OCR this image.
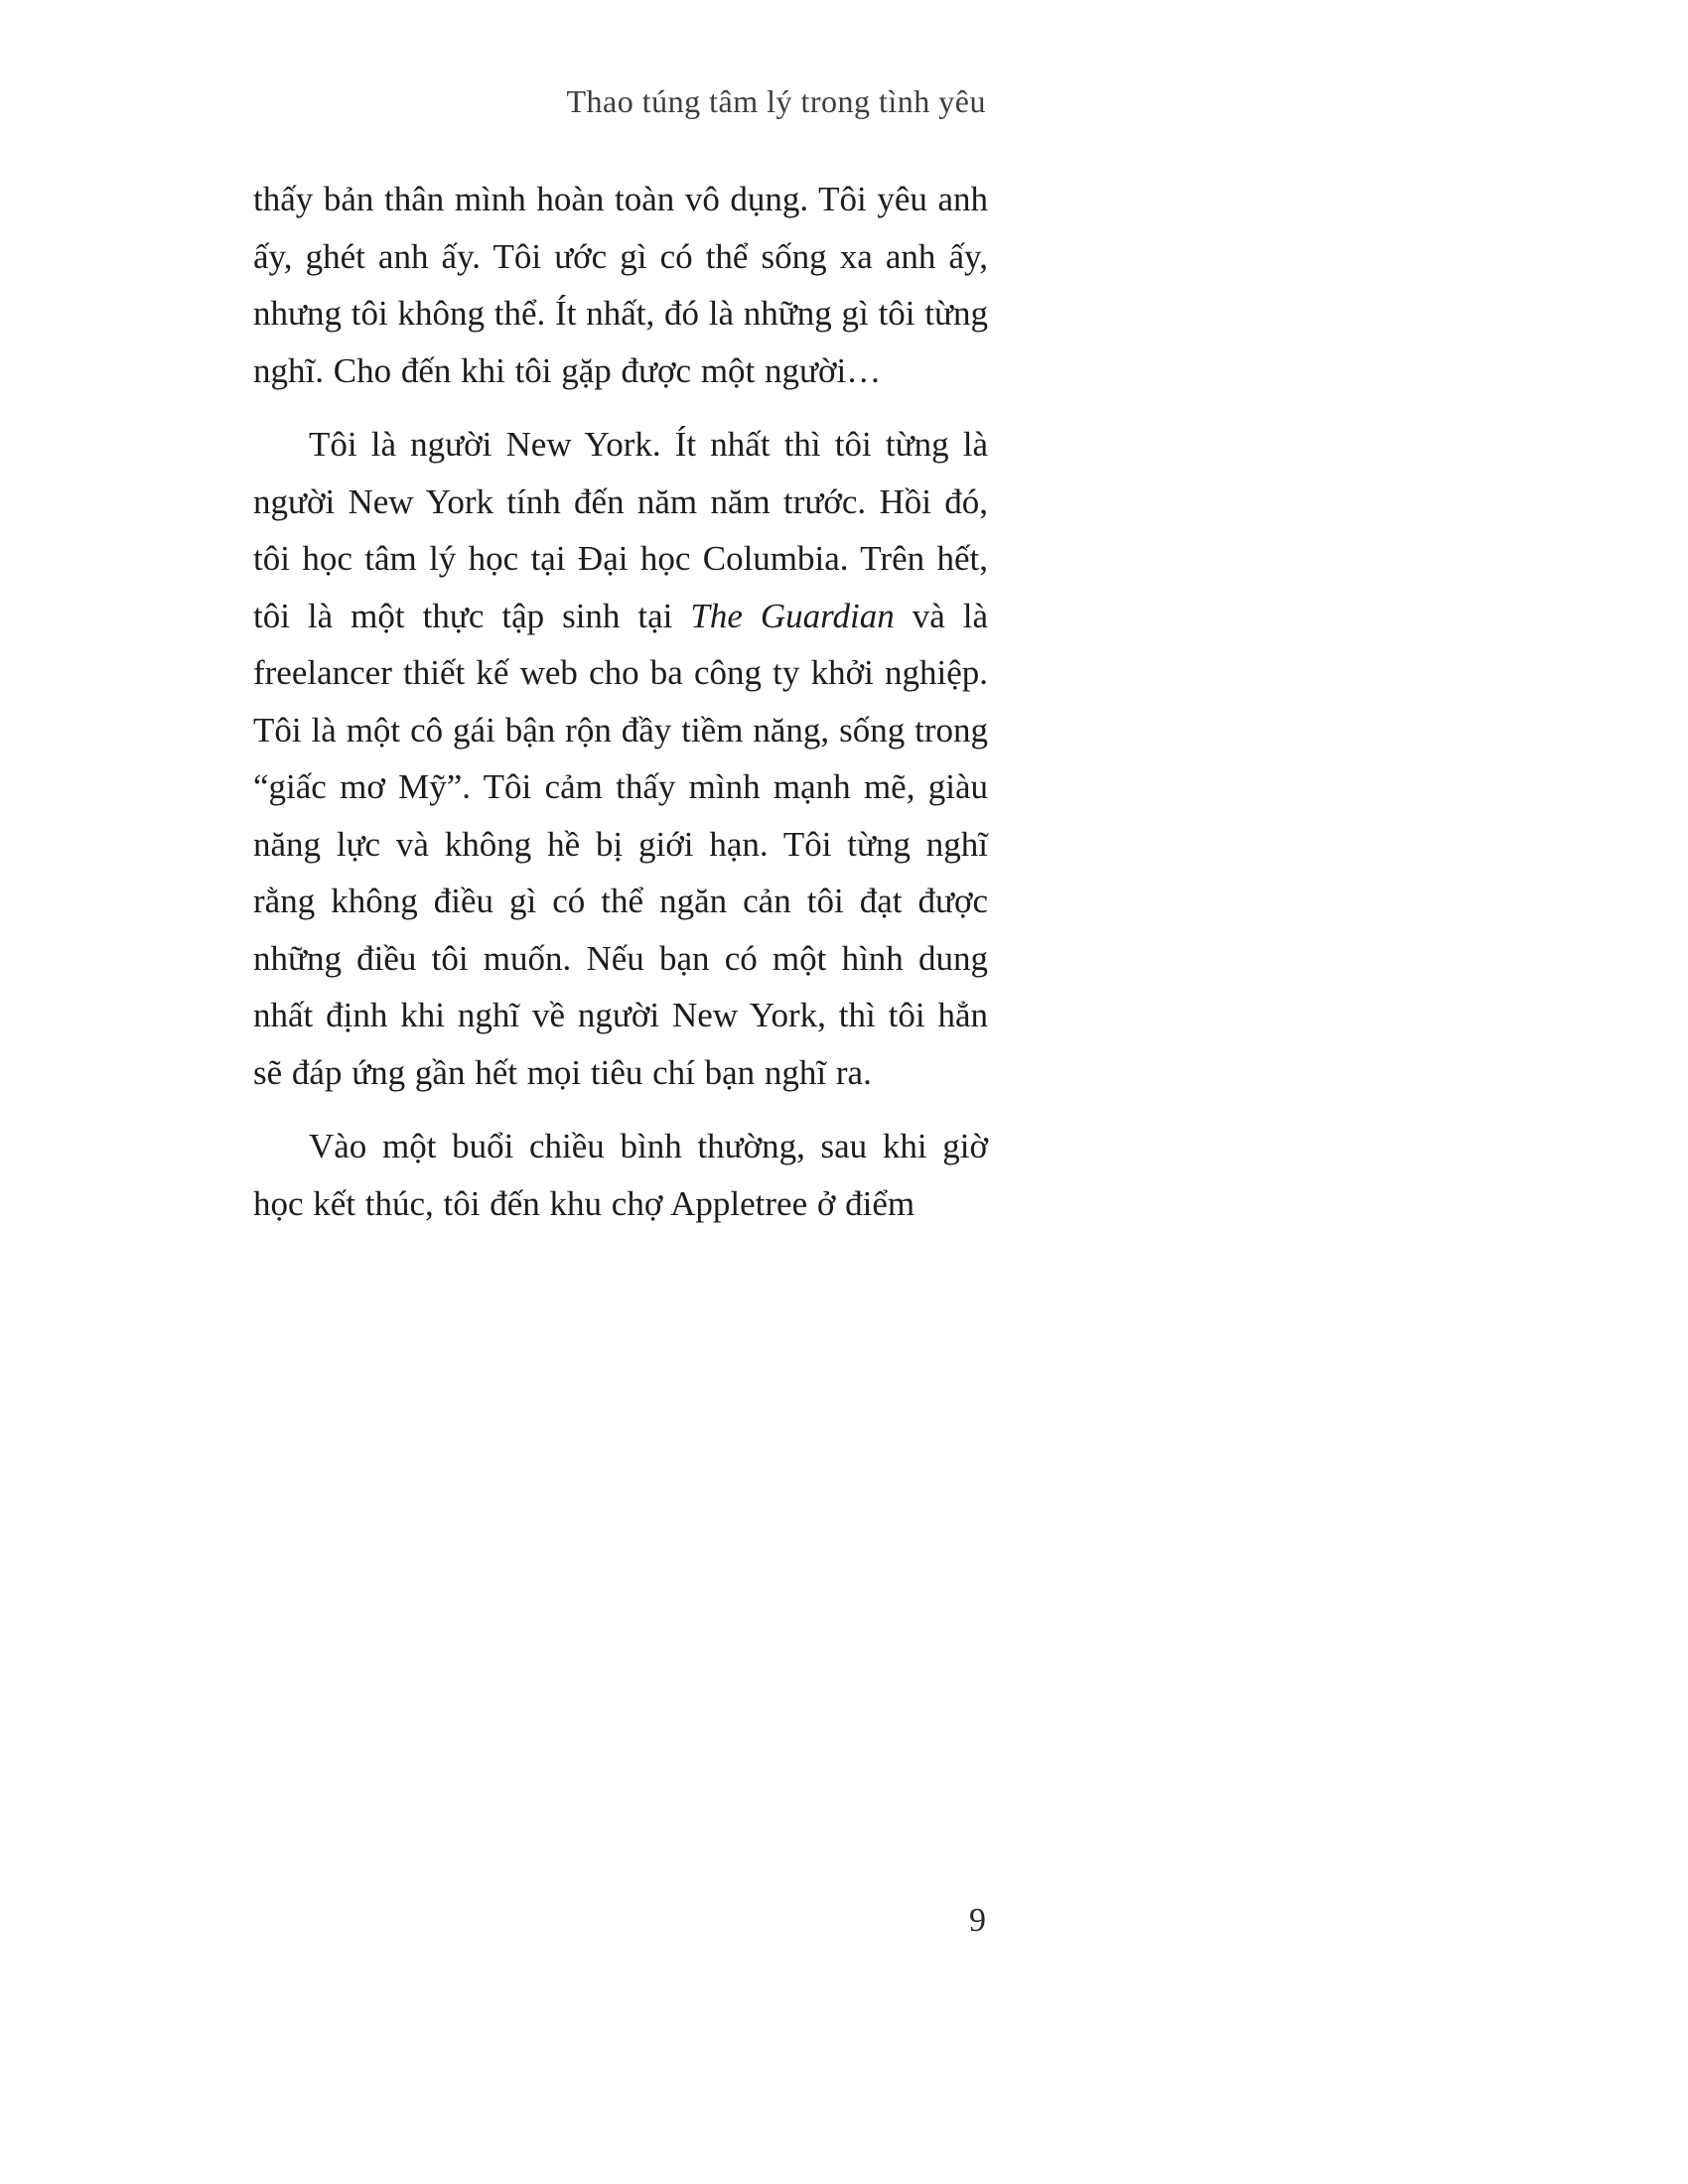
Thao túng tâm lý trong tình yêu

thấy bản thân mình hoàn toàn vô dụng. Tôi yêu anh ấy, ghét anh ấy. Tôi ước gì có thể sống xa anh ấy, nhưng tôi không thể. Ít nhất, đó là những gì tôi từng nghĩ. Cho đến khi tôi gặp được một người…

Tôi là người New York. Ít nhất thì tôi từng là người New York tính đến năm năm trước. Hồi đó, tôi học tâm lý học tại Đại học Columbia. Trên hết, tôi là một thực tập sinh tại The Guardian và là freelancer thiết kế web cho ba công ty khởi nghiệp. Tôi là một cô gái bận rộn đầy tiềm năng, sống trong “giấc mơ Mỹ”. Tôi cảm thấy mình mạnh mẽ, giàu năng lực và không hề bị giới hạn. Tôi từng nghĩ rằng không điều gì có thể ngăn cản tôi đạt được những điều tôi muốn. Nếu bạn có một hình dung nhất định khi nghĩ về người New York, thì tôi hẳn sẽ đáp ứng gần hết mọi tiêu chí bạn nghĩ ra.

Vào một buổi chiều bình thường, sau khi giờ học kết thúc, tôi đến khu chợ Appletree ở điểm

9
